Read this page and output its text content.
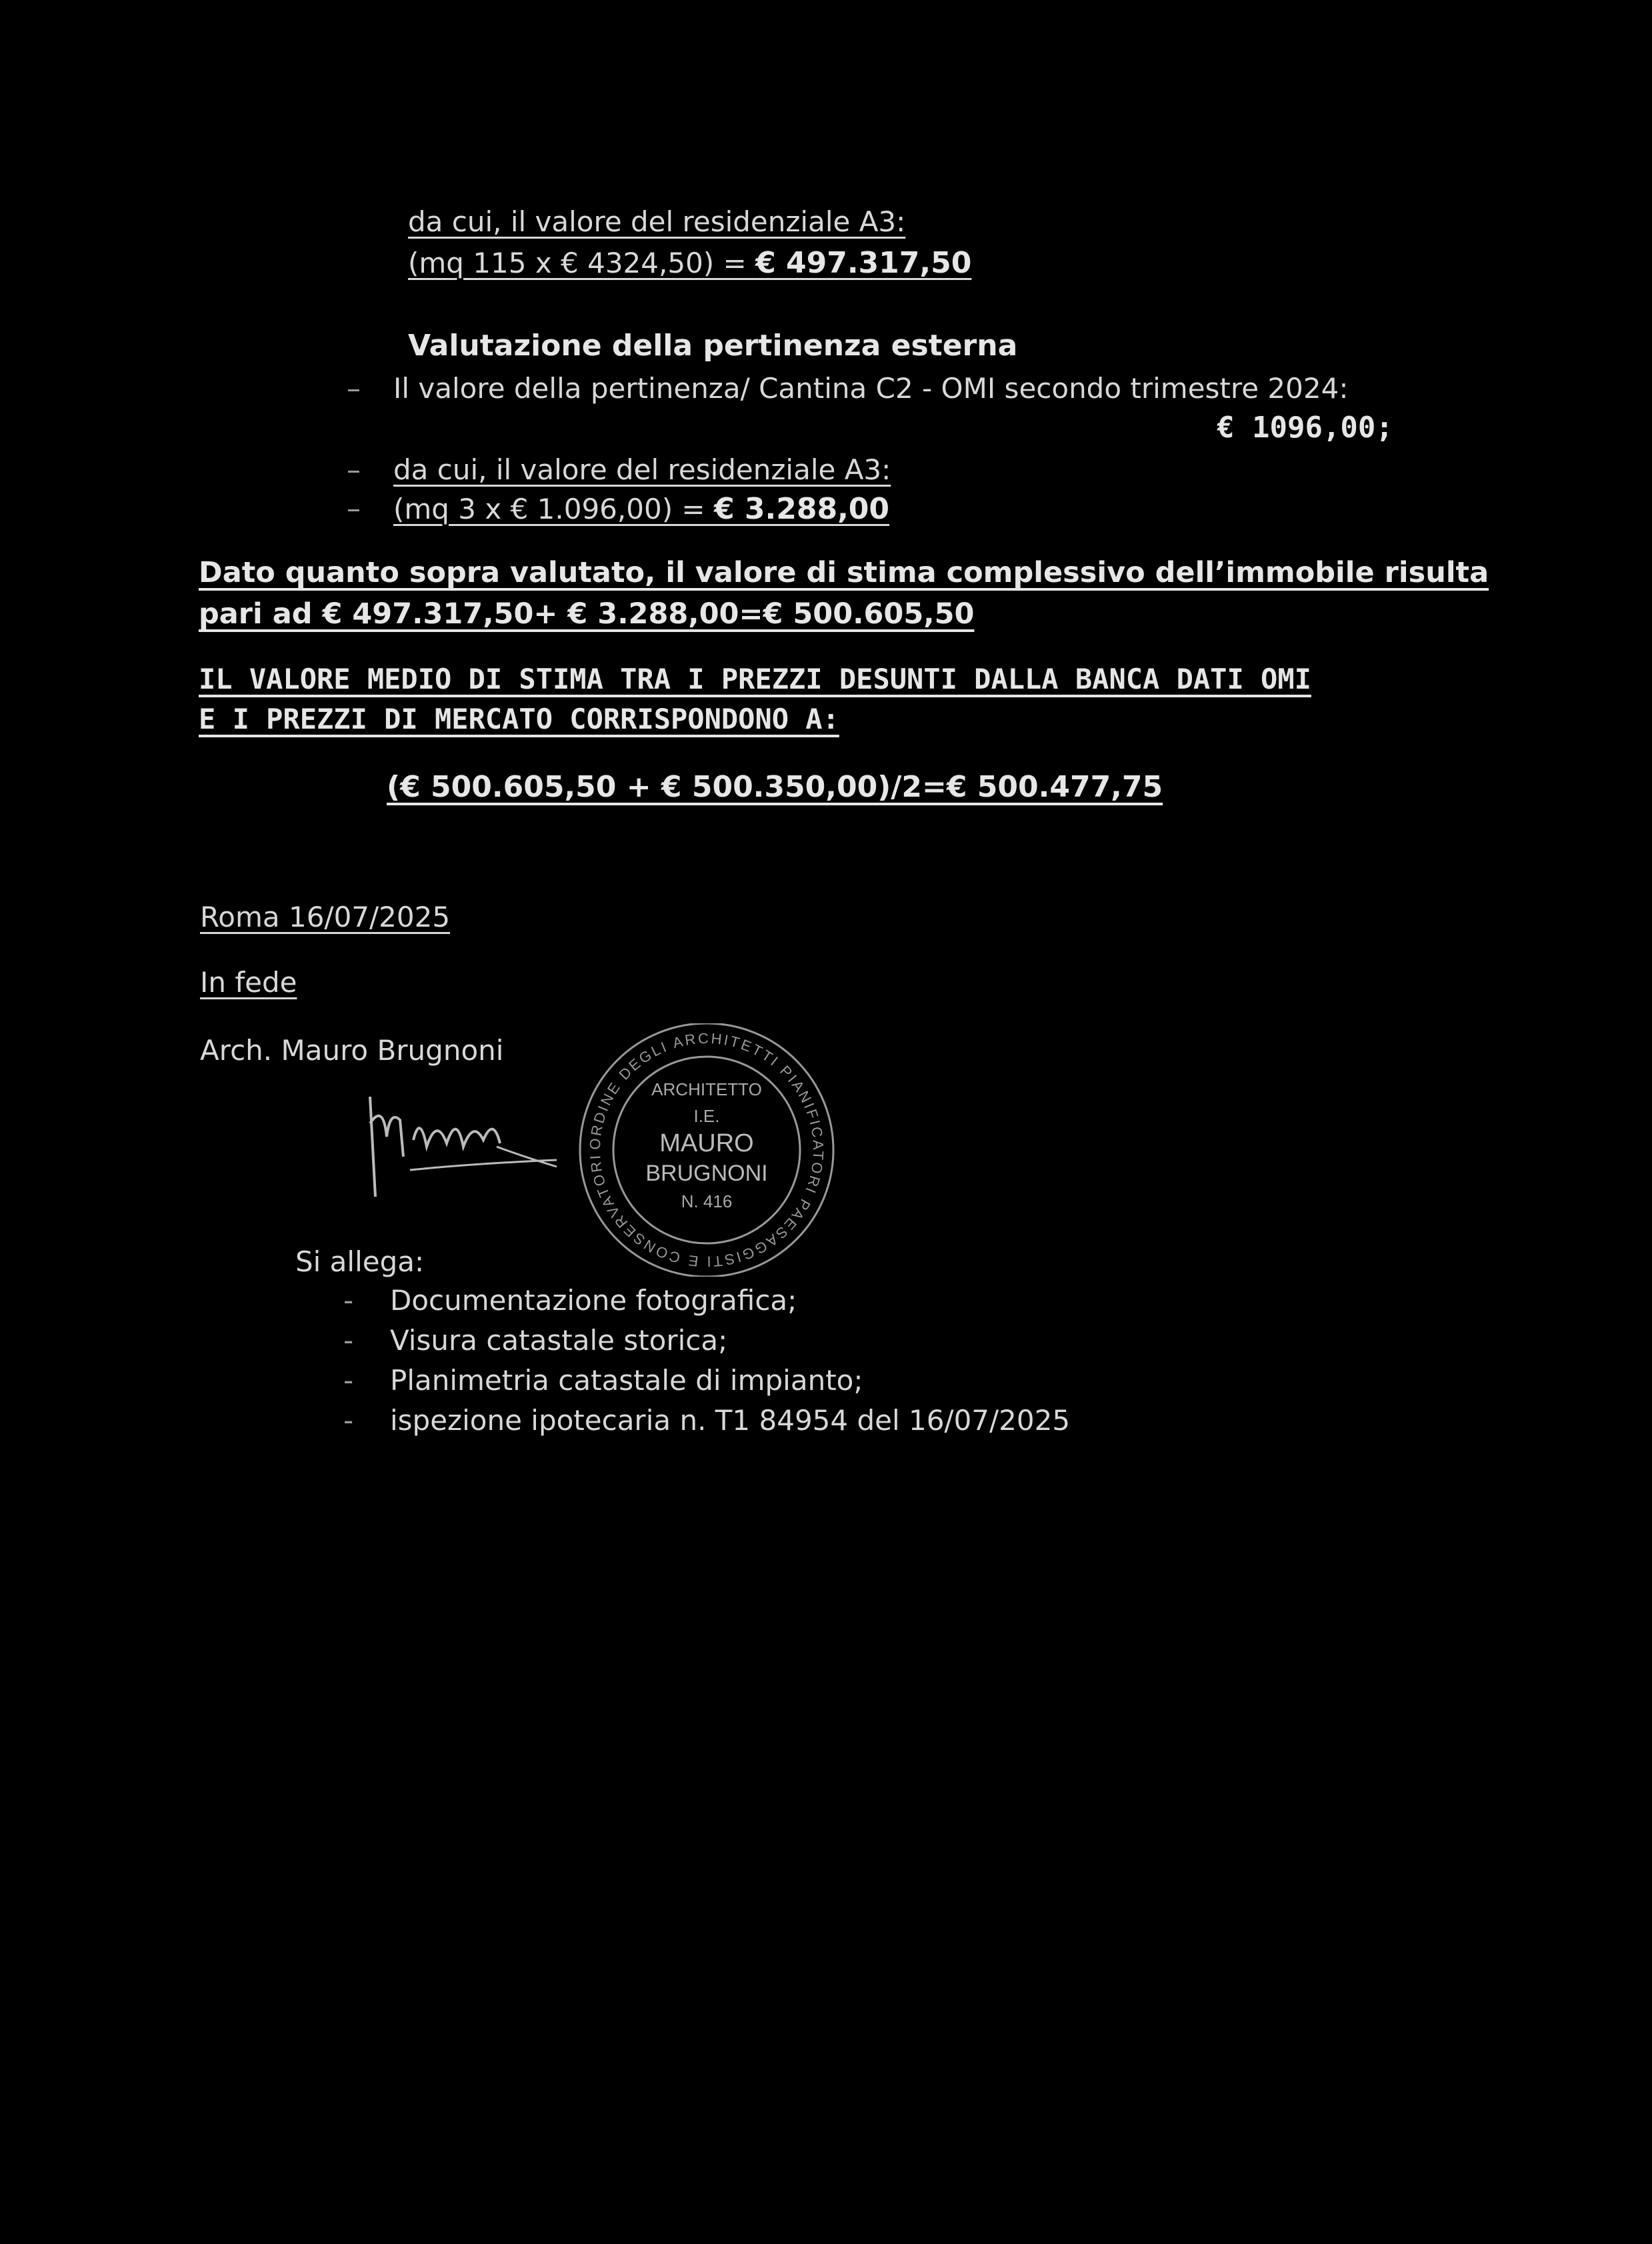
da cui, il valore del residenziale A3:
(mq 115 x € 4324,50) = € 497.317,50
Valutazione della pertinenza esterna
– Il valore della pertinenza/ Cantina C2 - OMI secondo trimestre 2024:
€ 1096,00;
– da cui, il valore del residenziale A3:
– (mq 3 x € 1.096,00) = € 3.288,00
Dato quanto sopra valutato, il valore di stima complessivo dell’immobile risulta
pari ad € 497.317,50+ € 3.288,00=€ 500.605,50
IL VALORE MEDIO DI STIMA TRA I PREZZI DESUNTI DALLA BANCA DATI OMI
E I PREZZI DI MERCATO CORRISPONDONO A:
(€ 500.605,50 + € 500.350,00)/2=€ 500.477,75
Roma 16/07/2025
In fede
Arch. Mauro Brugnoni
ORDINE DEGLI ARCHITETTI PIANIFICATORI PAESAGGISTI E CONSERVATORI
ARCHITETTO
I.E.
MAURO
BRUGNONI
N. 416
Si allega:
- Documentazione fotografica;
- Visura catastale storica;
- Planimetria catastale di impianto;
- ispezione ipotecaria n. T1 84954 del 16/07/2025
